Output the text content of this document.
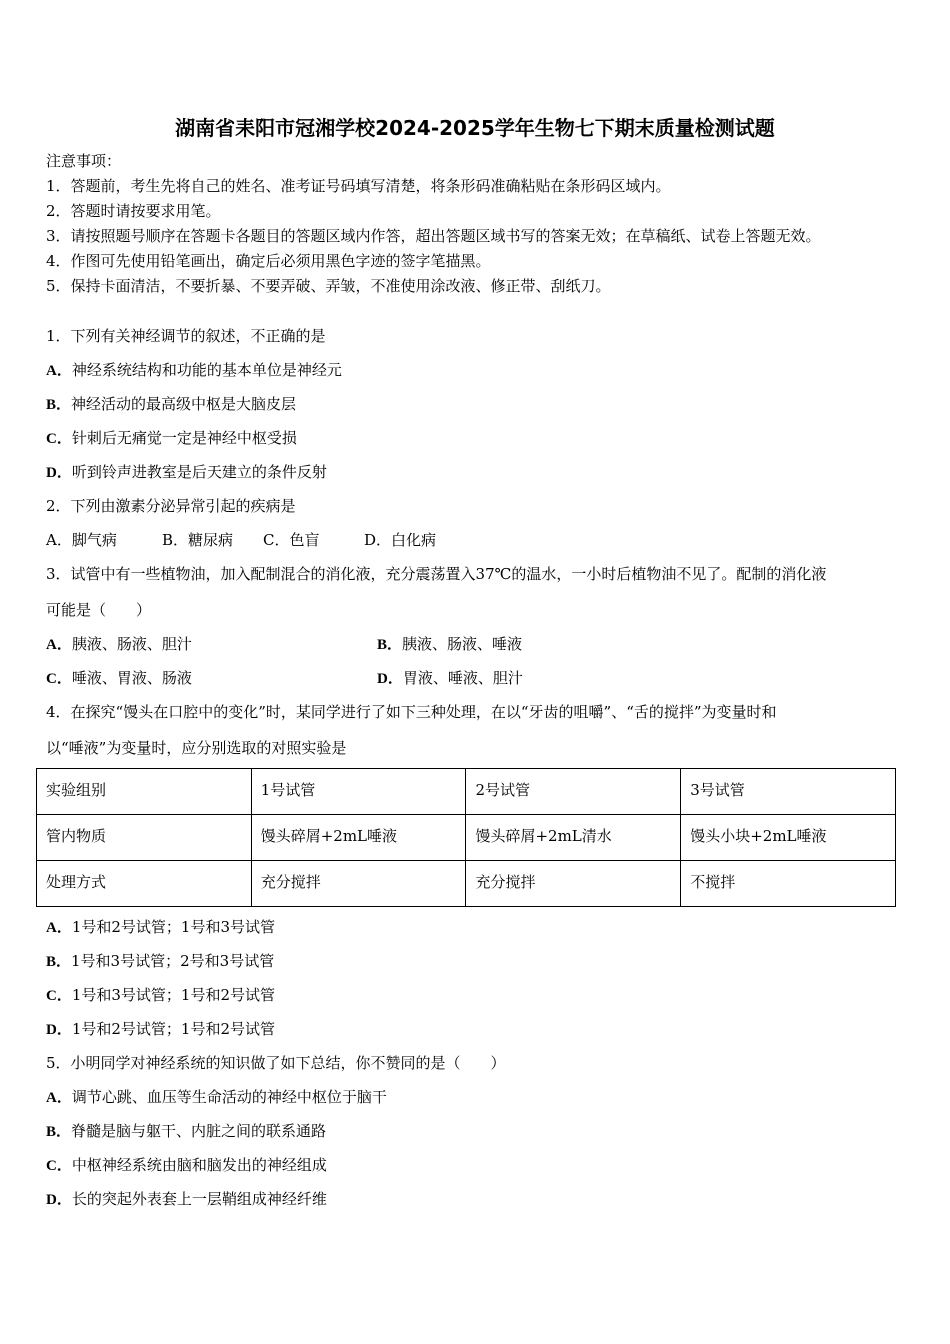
湖南省耒阳市冠湘学校2024-2025学年生物七下期末质量检测试题
注意事项：
1．答题前，考生先将自己的姓名、准考证号码填写清楚，将条形码准确粘贴在条形码区域内。
2．答题时请按要求用笔。
3．请按照题号顺序在答题卡各题目的答题区域内作答，超出答题区域书写的答案无效；在草稿纸、试卷上答题无效。
4．作图可先使用铅笔画出，确定后必须用黑色字迹的签字笔描黑。
5．保持卡面清洁，不要折暴、不要弄破、弄皱，不准使用涂改液、修正带、刮纸刀。
1．下列有关神经调节的叙述，不正确的是
A．神经系统结构和功能的基本单位是神经元
B．神经活动的最高级中枢是大脑皮层
C．针刺后无痛觉一定是神经中枢受损
D．听到铃声进教室是后天建立的条件反射
2．下列由激素分泌异常引起的疾病是
A．脚气病	B．糖尿病 C．色盲	D．白化病
3．试管中有一些植物油，加入配制混合的消化液，充分震荡置入37℃的温水，一小时后植物油不见了。配制的消化液
可能是（　　）
A．胰液、肠液、胆汁	B．胰液、肠液、唾液
C．唾液、胃液、肠液	D．胃液、唾液、胆汁
4．在探究“馒头在口腔中的变化”时，某同学进行了如下三种处理，在以“牙齿的咀嚼”、“舌的搅拌”为变量时和
以“唾液”为变量时，应分别选取的对照实验是
实验组别	1号试管	2号试管	3号试管
管内物质	馒头碎屑+2mL唾液	馒头碎屑+2mL清水	馒头小块+2mL唾液
处理方式	充分搅拌	充分搅拌	不搅拌
A．1号和2号试管；1号和3号试管
B．1号和3号试管；2号和3号试管
C．1号和3号试管；1号和2号试管
D．1号和2号试管；1号和2号试管
5．小明同学对神经系统的知识做了如下总结，你不赞同的是（　　）
A．调节心跳、血压等生命活动的神经中枢位于脑干
B．脊髓是脑与躯干、内脏之间的联系通路
C．中枢神经系统由脑和脑发出的神经组成
D．长的突起外表套上一层鞘组成神经纤维
